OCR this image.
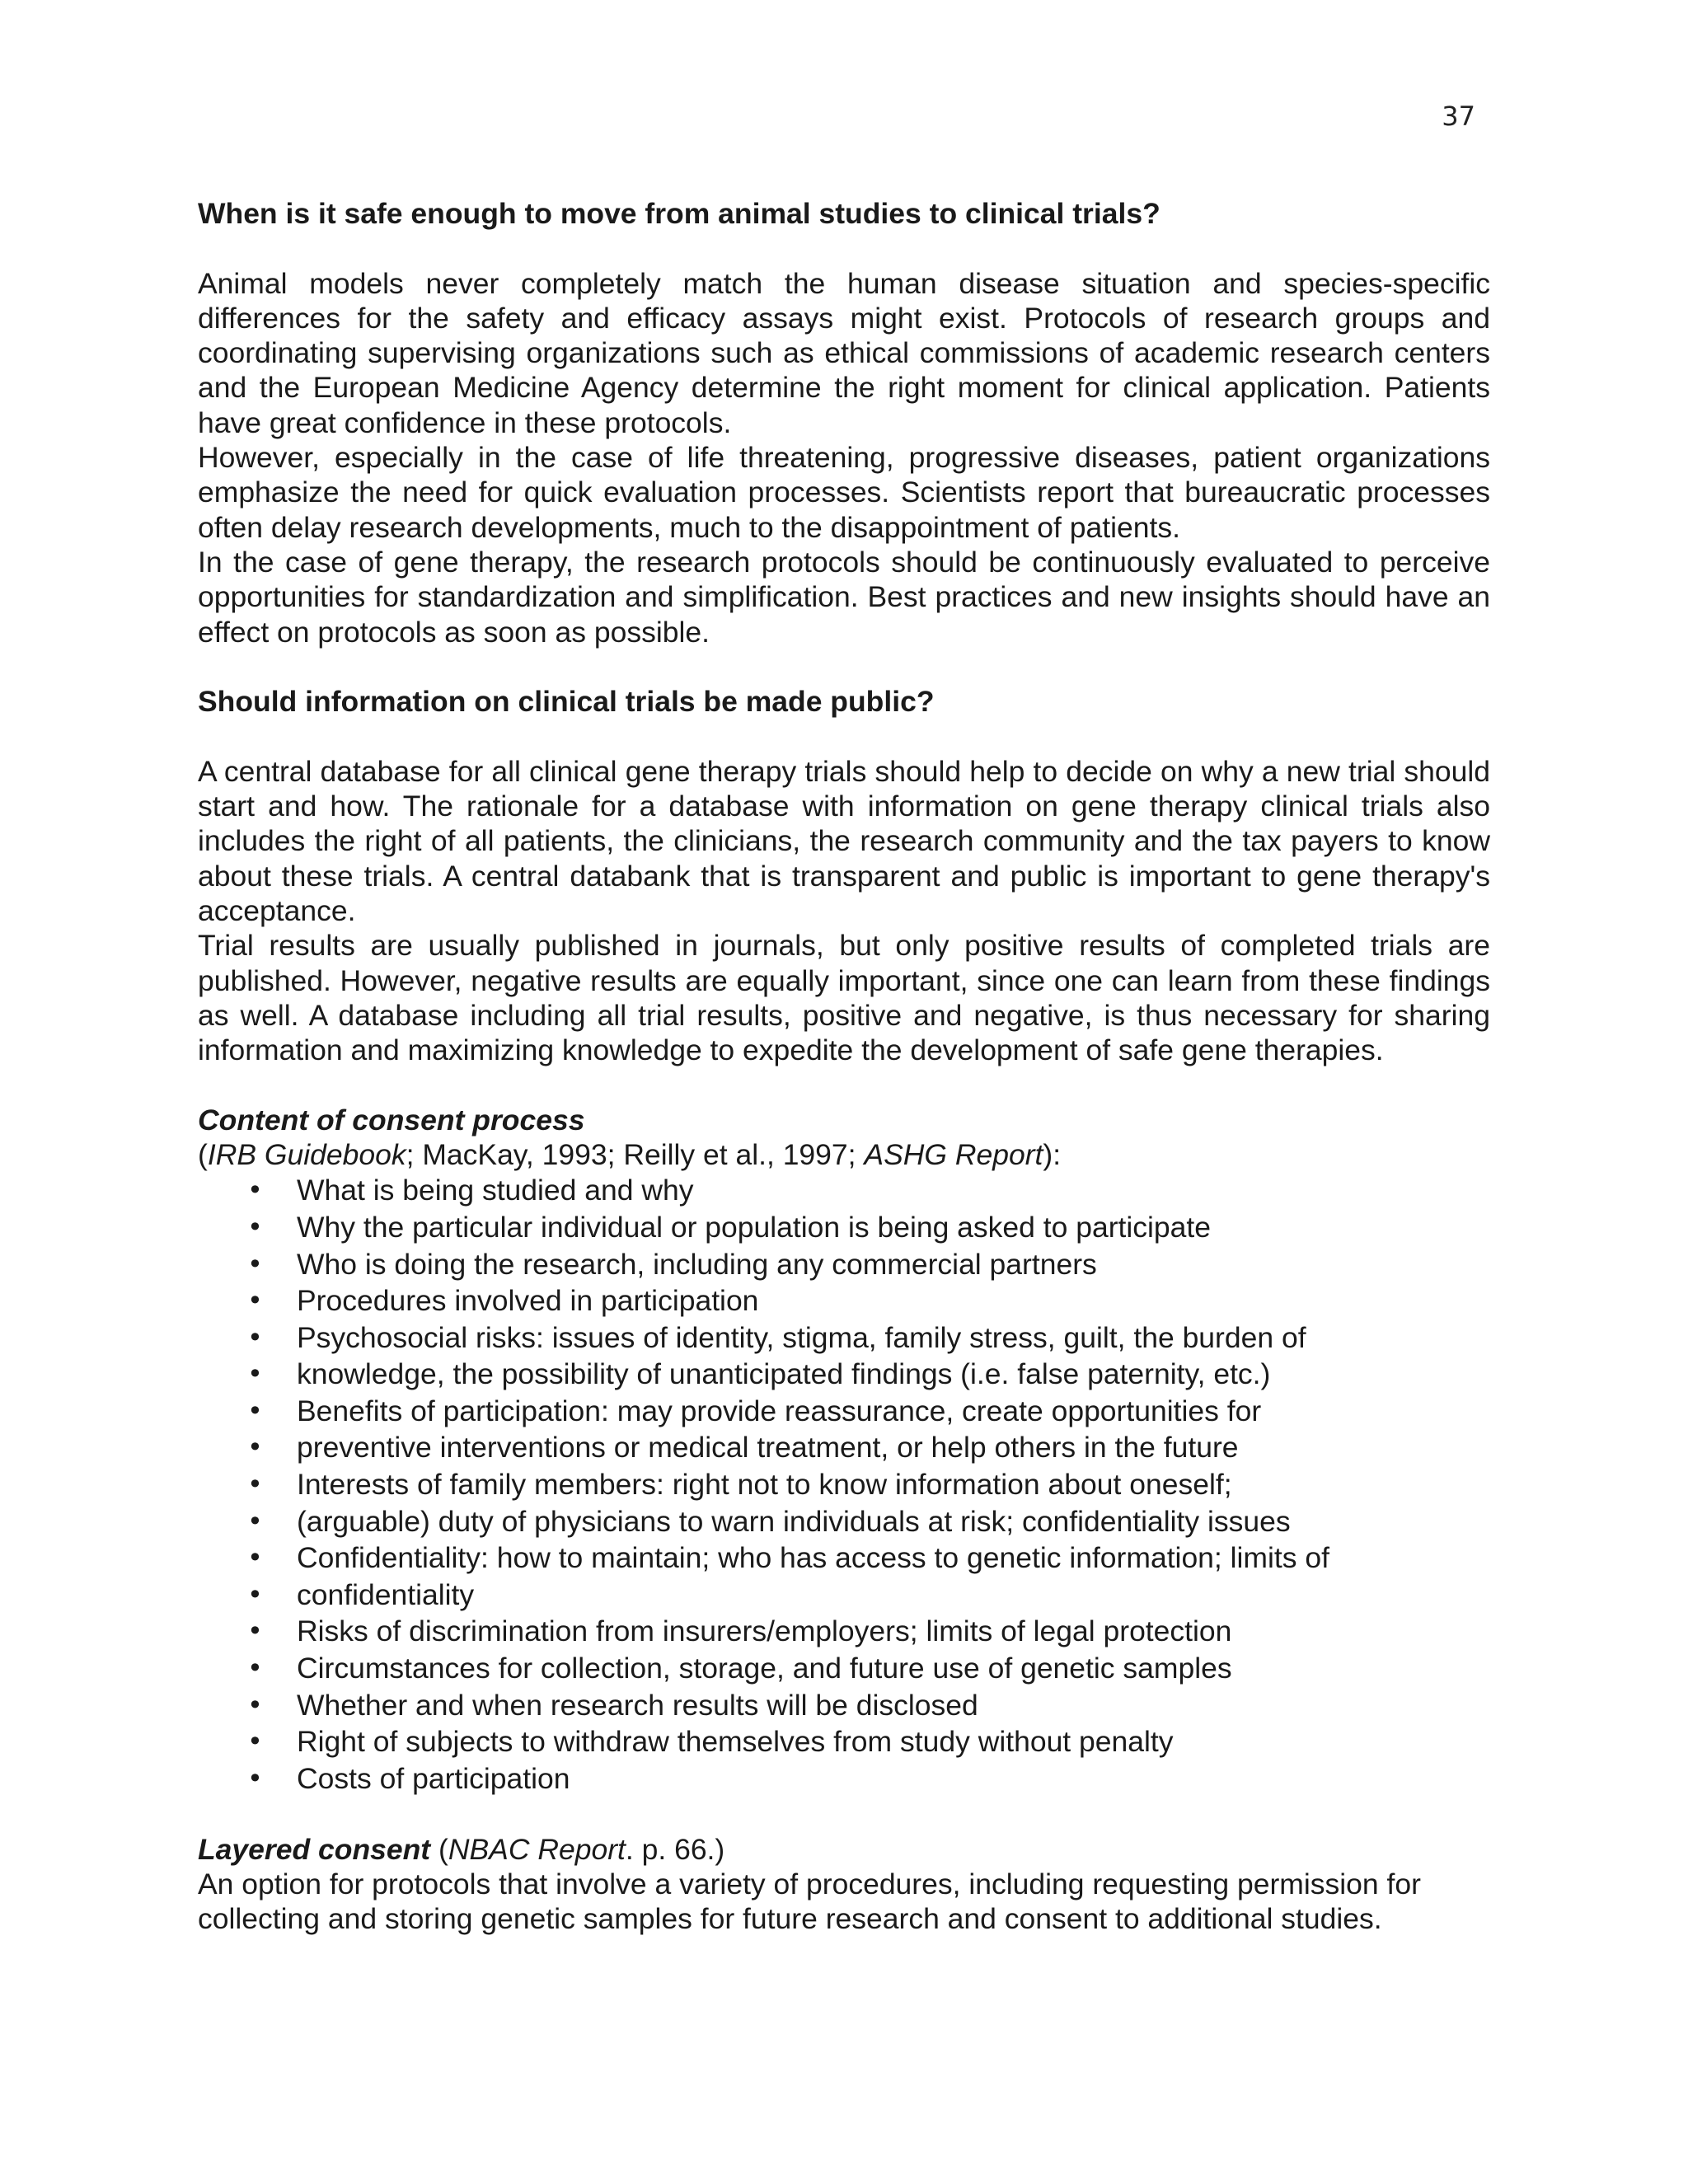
37

When is it safe enough to move from animal studies to clinical trials?

Animal models never completely match the human disease situation and species-specific differences for the safety and efficacy assays might exist. Protocols of research groups and coordinating supervising organizations such as ethical commissions of academic research centers and the European Medicine Agency determine the right moment for clinical application. Patients have great confidence in these protocols.

However, especially in the case of life threatening, progressive diseases, patient organizations emphasize the need for quick evaluation processes. Scientists report that bureaucratic processes often delay research developments, much to the disappointment of patients.

In the case of gene therapy, the research protocols should be continuously evaluated to perceive opportunities for standardization and simplification. Best practices and new insights should have an effect on protocols as soon as possible.

Should information on clinical trials be made public?

A central database for all clinical gene therapy trials should help to decide on why a new trial should start and how. The rationale for a database with information on gene therapy clinical trials also includes the right of all patients, the clinicians, the research community and the tax payers to know about these trials. A central databank that is transparent and public is important to gene therapy's acceptance.

Trial results are usually published in journals, but only positive results of completed trials are published. However, negative results are equally important, since one can learn from these findings as well. A database including all trial results, positive and negative, is thus necessary for sharing information and maximizing knowledge to expedite the development of safe gene therapies.

Content of consent process

(IRB Guidebook; MacKay, 1993; Reilly et al., 1997; ASHG Report):

• What is being studied and why
• Why the particular individual or population is being asked to participate
• Who is doing the research, including any commercial partners
• Procedures involved in participation
• Psychosocial risks: issues of identity, stigma, family stress, guilt, the burden of
• knowledge, the possibility of unanticipated findings (i.e. false paternity, etc.)
• Benefits of participation: may provide reassurance, create opportunities for
• preventive interventions or medical treatment, or help others in the future
• Interests of family members: right not to know information about oneself;
• (arguable) duty of physicians to warn individuals at risk; confidentiality issues
• Confidentiality: how to maintain; who has access to genetic information; limits of
• confidentiality
• Risks of discrimination from insurers/employers; limits of legal protection
• Circumstances for collection, storage, and future use of genetic samples
• Whether and when research results will be disclosed
• Right of subjects to withdraw themselves from study without penalty
• Costs of participation

Layered consent (NBAC Report. p. 66.)

An option for protocols that involve a variety of procedures, including requesting permission for collecting and storing genetic samples for future research and consent to additional studies.
